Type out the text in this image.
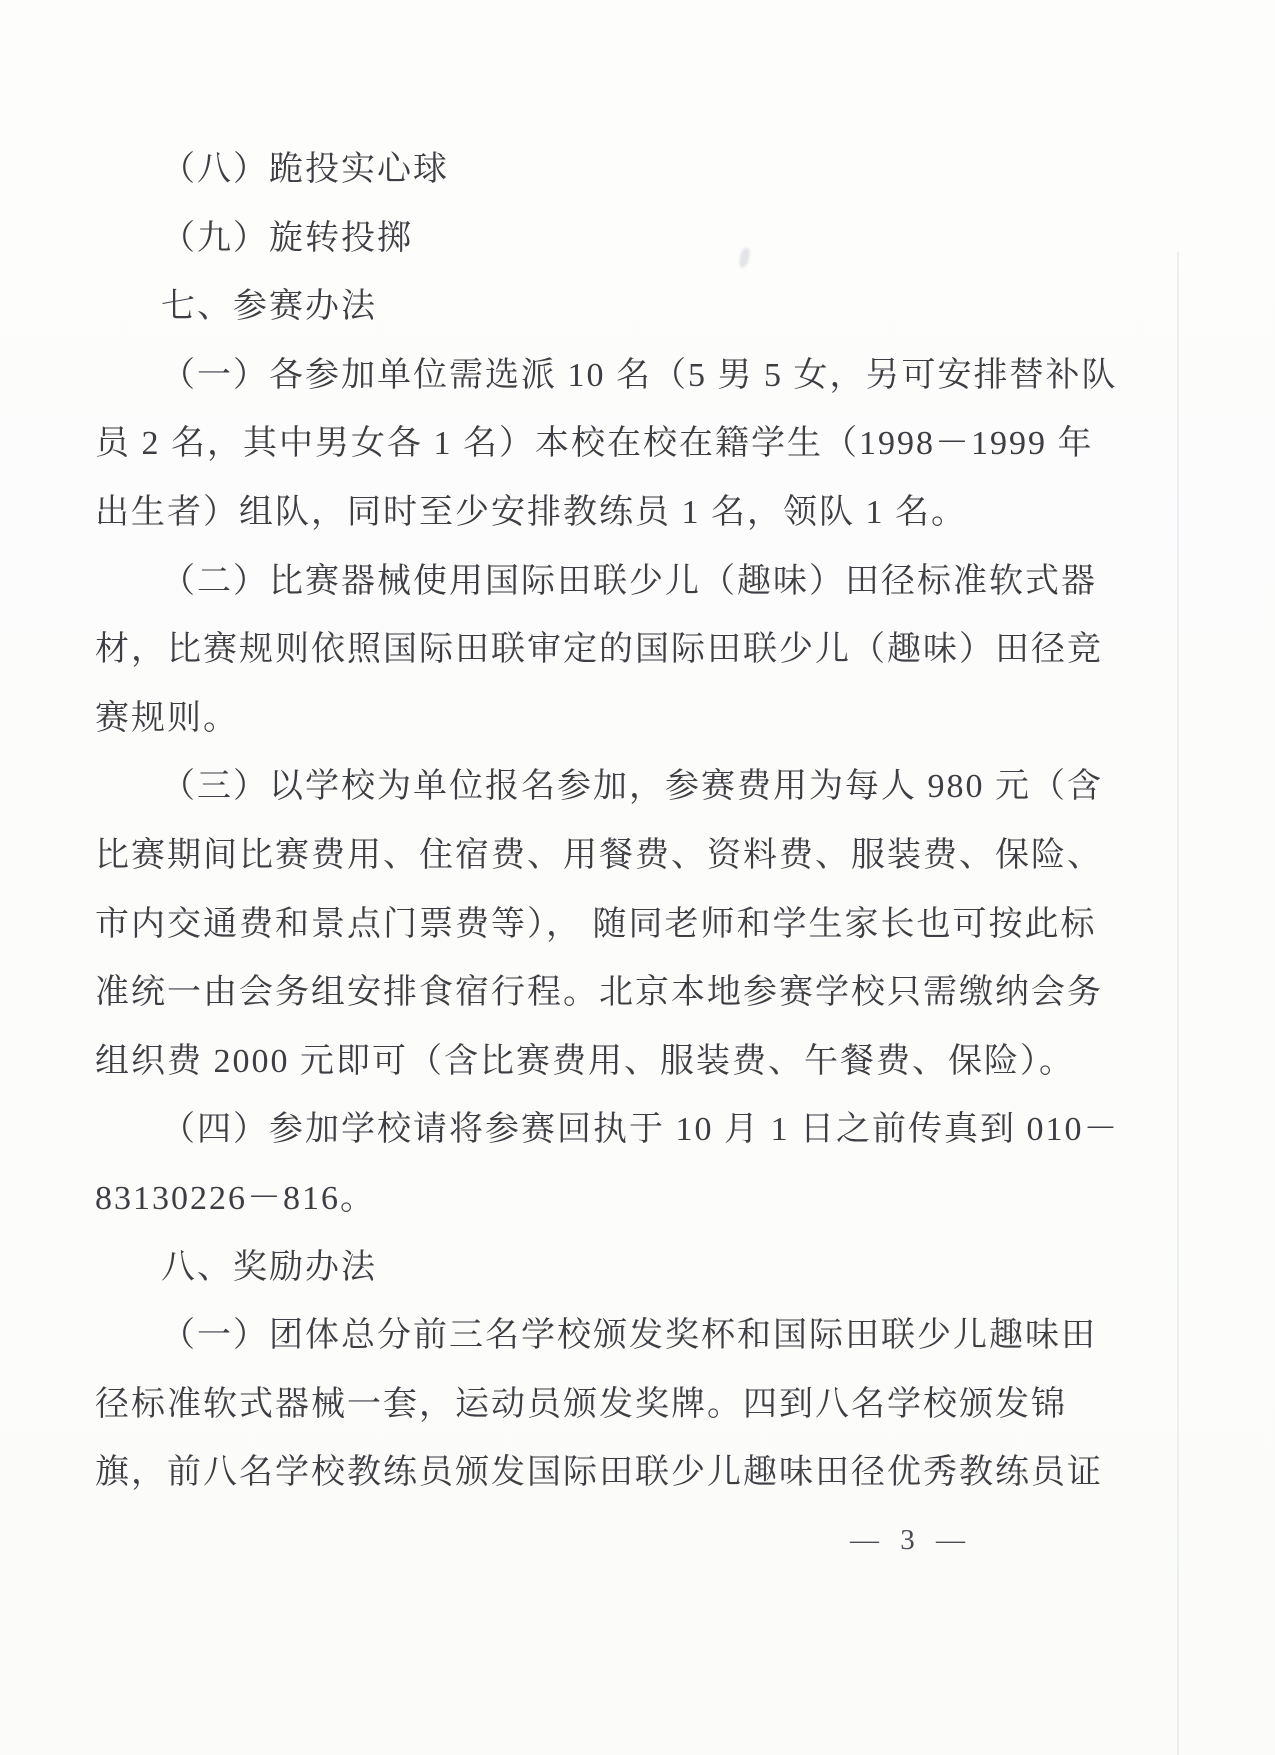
（八）跪投实心球
（九）旋转投掷
七、参赛办法
（一）各参加单位需选派 10 名（5 男 5 女，另可安排替补队
员 2 名，其中男女各 1 名）本校在校在籍学生（1998－1999 年
出生者）组队，同时至少安排教练员 1 名，领队 1 名。
（二）比赛器械使用国际田联少儿（趣味）田径标准软式器
材，比赛规则依照国际田联审定的国际田联少儿（趣味）田径竞
赛规则。
（三）以学校为单位报名参加，参赛费用为每人 980 元（含
比赛期间比赛费用、住宿费、用餐费、资料费、服装费、保险、
市内交通费和景点门票费等）， 随同老师和学生家长也可按此标
准统一由会务组安排食宿行程。北京本地参赛学校只需缴纳会务
组织费 2000 元即可（含比赛费用、服装费、午餐费、保险）。
（四）参加学校请将参赛回执于 10 月 1 日之前传真到 010－
83130226－816。
八、奖励办法
（一）团体总分前三名学校颁发奖杯和国际田联少儿趣味田
径标准软式器械一套，运动员颁发奖牌。四到八名学校颁发锦
旗，前八名学校教练员颁发国际田联少儿趣味田径优秀教练员证
— 3 —
